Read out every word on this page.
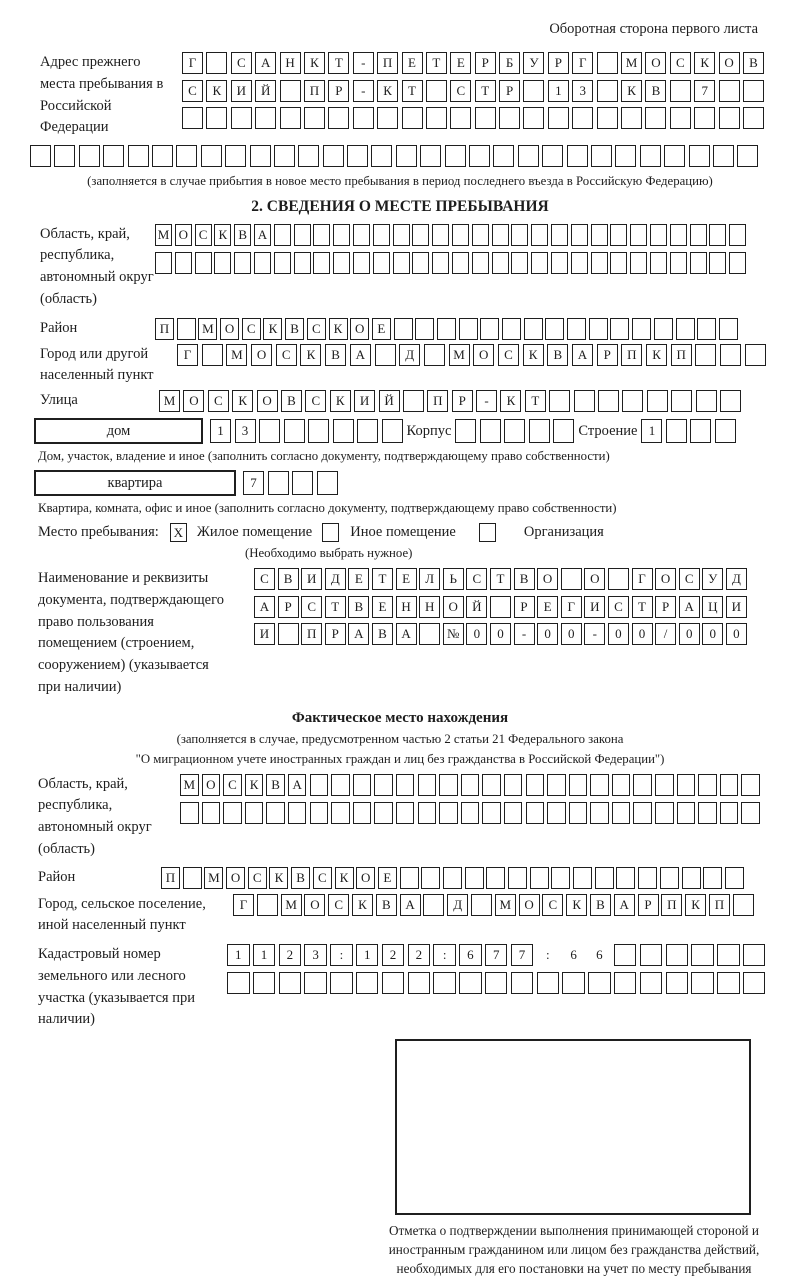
Оборотная сторона первого листа
Адрес прежнего места пребывания в Российской Федерации
Г	С	А	Н	К	Т	-	П	Е	Т	Е	Р	Б	У	Р	Г	М	О	С	К	О	В
С	К	И	Й	П	Р	-	К	Т	С	Т	Р	1	3	К	В	7
(заполняется в случае прибытия в новое место пребывания в период последнего въезда в Российскую Федерацию)
2. СВЕДЕНИЯ О МЕСТЕ ПРЕБЫВАНИЯ
Область, край, республика, автономный округ (область)
М О С К В А
Район	П	М О С	К	В	С	К О	Е
Город или другой населенный пункт
Г	М	О	С	К	В	А	Д	М	О	С	К	В	А	Р	П	К	П
Улица	М	О	С	К	О	В	С	К	И	Й	П	Р	-	К	Т
дом	1	3	Корпус	Строение 1
Дом, участок, владение и иное (заполнить согласно документу, подтверждающему право собственности)
квартира	7
Квартира, комната, офис и иное (заполнить согласно документу, подтверждающему право собственности)
Место пребывания: X Жилое помещение	Иное помещение	Организация
(Необходимо выбрать нужное)
Наименование и реквизиты документа, подтверждающего право пользования помещением (строением, сооружением) (указывается при наличии)
С	В	И	Д	Е	Т	Е	Л	Ь	С	Т	В	О	О	Г	О	С	У	Д
А	Р	С	Т	В	Е	Н	Н	О	Й	Р	Е	Г	И	С	Т	Р	А	Ц	И
И	П	Р	А	В	А	№	0	0	-	0	0	-	0	0	/	0	0	0
Фактическое место нахождения
(заполняется в случае, предусмотренном частью 2 статьи 21 Федерального закона
"О миграционном учете иностранных граждан и лиц без гражданства в Российской Федерации")
Область, край, республика, автономный округ (область)
М О С К В А
Район	П	М О С	К	В	С	К О	Е
Город, сельское поселение, иной населенный пункт
Г	М	О	С	К	В	А	Д	М	О	С	К	В	А	Р	П	К	П
Кадастровый номер земельного или лесного участка (указывается при наличии)
1	1	2	3	:	1	2	2	:	6	7	7	:	6	6
Отметка о подтверждении выполнения принимающей стороной и иностранным гражданином или лицом без гражданства действий, необходимых для его постановки на учет по месту пребывания
